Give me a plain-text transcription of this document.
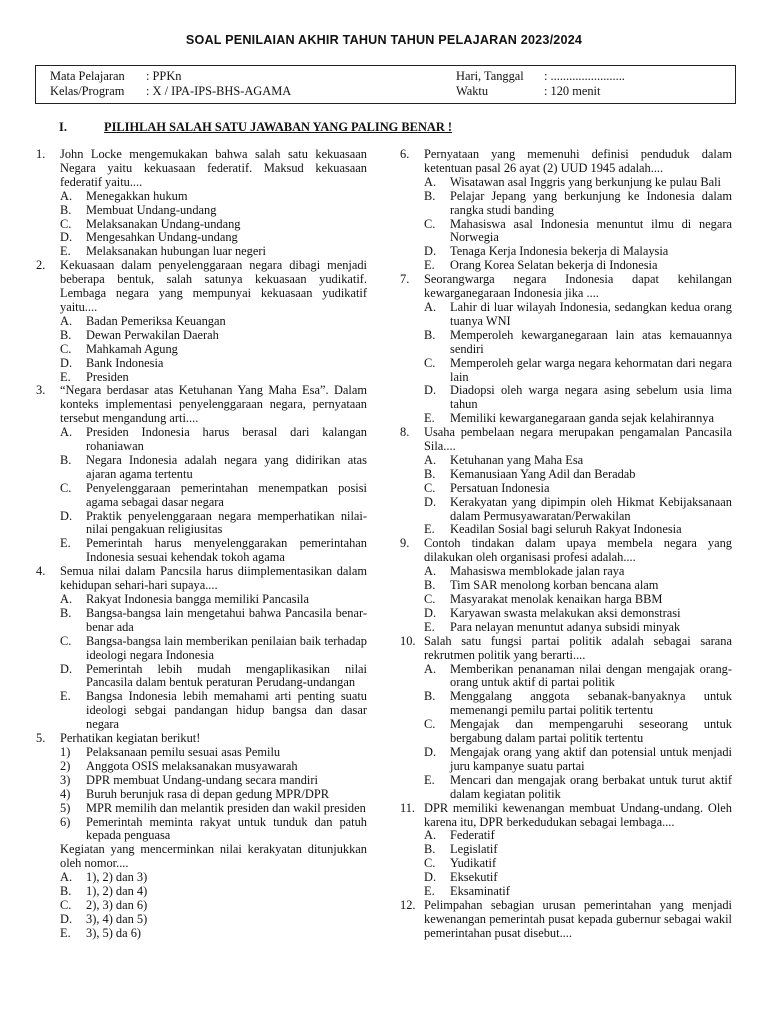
SOAL PENILAIAN AKHIR TAHUN TAHUN PELAJARAN 2023/2024
Mata Pelajaran : PPKn
Kelas/Program : X / IPA-IPS-BHS-AGAMA
Hari, Tanggal : ........................
Waktu	: 120 menit
I.	PILIHLAH SALAH SATU JAWABAN YANG PALING BENAR !
1.	John Locke mengemukakan bahwa salah satu kekuasaan Negara yaitu kekuasaan federatif. Maksud kekuasaan federatif yaitu....
A.	Menegakkan hukum
B.	Membuat Undang-undang
C.	Melaksanakan Undang-undang
D.	Mengesahkan Undang-undang
E.	Melaksanakan hubungan luar negeri
2.	Kekuasaan dalam penyelenggaraan negara dibagi menjadi beberapa bentuk, salah satunya kekuasaan yudikatif. Lembaga negara yang mempunyai kekuasaan yudikatif yaitu....
A.	Badan Pemeriksa Keuangan
B.	Dewan Perwakilan Daerah
C.	Mahkamah Agung
D.	Bank Indonesia
E.	Presiden
3.	“Negara berdasar atas Ketuhanan Yang Maha Esa”. Dalam konteks implementasi penyelenggaraan negara, pernyataan tersebut mengandung arti....
A.	Presiden Indonesia harus berasal dari kalangan rohaniawan
B.	Negara Indonesia adalah negara yang didirikan atas ajaran agama tertentu
C.	Penyelenggaraan pemerintahan menempatkan posisi agama sebagai dasar negara
D.	Praktik penyelenggaraan negara memperhatikan nilai-nilai pengakuan religiusitas
E.	Pemerintah harus menyelenggarakan pemerintahan Indonesia sesuai kehendak tokoh agama
4.	Semua nilai dalam Pancsila harus diimplementasikan dalam kehidupan sehari-hari supaya....
A.	Rakyat Indonesia bangga memiliki Pancasila
B.	Bangsa-bangsa lain mengetahui bahwa Pancasila benar-benar ada
C.	Bangsa-bangsa lain memberikan penilaian baik terhadap ideologi negara Indonesia
D.	Pemerintah lebih mudah mengaplikasikan nilai Pancasila dalam bentuk peraturan Perudang-undangan
E.	Bangsa Indonesia lebih memahami arti penting suatu ideologi sebgai pandangan hidup bangsa dan dasar negara
5.	Perhatikan kegiatan berikut!
1)	Pelaksanaan pemilu sesuai asas Pemilu
2)	Anggota OSIS melaksanakan musyawarah
3)	DPR membuat Undang-undang secara mandiri
4)	Buruh berunjuk rasa di depan gedung MPR/DPR
5)	MPR memilih dan melantik presiden dan wakil presiden
6)	Pemerintah meminta rakyat untuk tunduk dan patuh kepada penguasa
Kegiatan yang mencerminkan nilai kerakyatan ditunjukkan oleh nomor....
A.	1), 2) dan 3)
B.	1), 2) dan 4)
C.	2), 3) dan 6)
D.	3), 4) dan 5)
E.	3), 5) da 6)
6.	Pernyataan yang memenuhi definisi penduduk dalam ketentuan pasal 26 ayat (2) UUD 1945 adalah....
A.	Wisatawan asal Inggris yang berkunjung ke pulau Bali
B.	Pelajar Jepang yang berkunjung ke Indonesia dalam rangka studi banding
C.	Mahasiswa asal Indonesia menuntut ilmu di negara Norwegia
D.	Tenaga Kerja Indonesia bekerja di Malaysia
E.	Orang Korea Selatan bekerja di Indonesia
7.	Seorangwarga negara Indonesia dapat kehilangan kewarganegaraan Indonesia jika ....
A.	Lahir di luar wilayah Indonesia, sedangkan kedua orang tuanya WNI
B.	Memperoleh kewarganegaraan lain atas kemauannya sendiri
C.	Memperoleh gelar warga negara kehormatan dari negara lain
D.	Diadopsi oleh warga negara asing sebelum usia lima tahun
E.	Memiliki kewarganegaraan ganda sejak kelahirannya
8.	Usaha pembelaan negara merupakan pengamalan Pancasila Sila....
A.	Ketuhanan yang Maha Esa
B.	Kemanusiaan Yang Adil dan Beradab
C.	Persatuan Indonesia
D.	Kerakyatan yang dipimpin oleh Hikmat Kebijaksanaan dalam Permusyawaratan/Perwakilan
E.	Keadilan Sosial bagi seluruh Rakyat Indonesia
9.	Contoh tindakan dalam upaya membela negara yang dilakukan oleh organisasi profesi adalah....
A.	Mahasiswa memblokade jalan raya
B.	Tim SAR menolong korban bencana alam
C.	Masyarakat menolak kenaikan harga BBM
D.	Karyawan swasta melakukan aksi demonstrasi
E.	Para nelayan menuntut adanya subsidi minyak
10. Salah satu fungsi partai politik adalah sebagai sarana rekrutmen politik yang berarti....
A.	Memberikan penanaman nilai dengan mengajak orang-orang untuk aktif di partai politik
B.	Menggalang anggota sebanak-banyaknya untuk memenangi pemilu partai politik tertentu
C.	Mengajak dan mempengaruhi seseorang untuk bergabung dalam partai politik tertentu
D.	Mengajak orang yang aktif dan potensial untuk menjadi juru kampanye suatu partai
E.	Mencari dan mengajak orang berbakat untuk turut aktif dalam kegiatan politik
11. DPR memiliki kewenangan membuat Undang-undang. Oleh karena itu, DPR berkedudukan sebagai lembaga....
A.	Federatif
B.	Legislatif
C.	Yudikatif
D.	Eksekutif
E.	Eksaminatif
12. Pelimpahan sebagian urusan pemerintahan yang menjadi kewenangan pemerintah pusat kepada gubernur sebagai wakil pemerintahan pusat disebut....
